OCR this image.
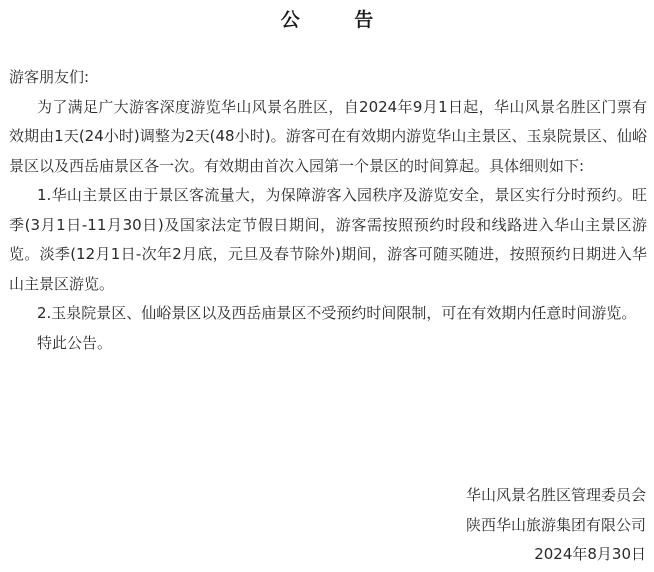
公 告

游客朋友们:

为了满足广大游客深度游览华山风景名胜区，自2024年9月1日起，华山风景名胜区门票有效期由1天(24小时)调整为2天(48小时)。游客可在有效期内游览华山主景区、玉泉院景区、仙峪景区以及西岳庙景区各一次。有效期由首次入园第一个景区的时间算起。具体细则如下:

1.华山主景区由于景区客流量大，为保障游客入园秩序及游览安全，景区实行分时预约。旺季(3月1日-11月30日)及国家法定节假日期间，游客需按照预约时段和线路进入华山主景区游览。淡季(12月1日-次年2月底，元旦及春节除外)期间，游客可随买随进，按照预约日期进入华山主景区游览。

2.玉泉院景区、仙峪景区以及西岳庙景区不受预约时间限制，可在有效期内任意时间游览。

特此公告。

华山风景名胜区管理委员会
陕西华山旅游集团有限公司
2024年8月30日
